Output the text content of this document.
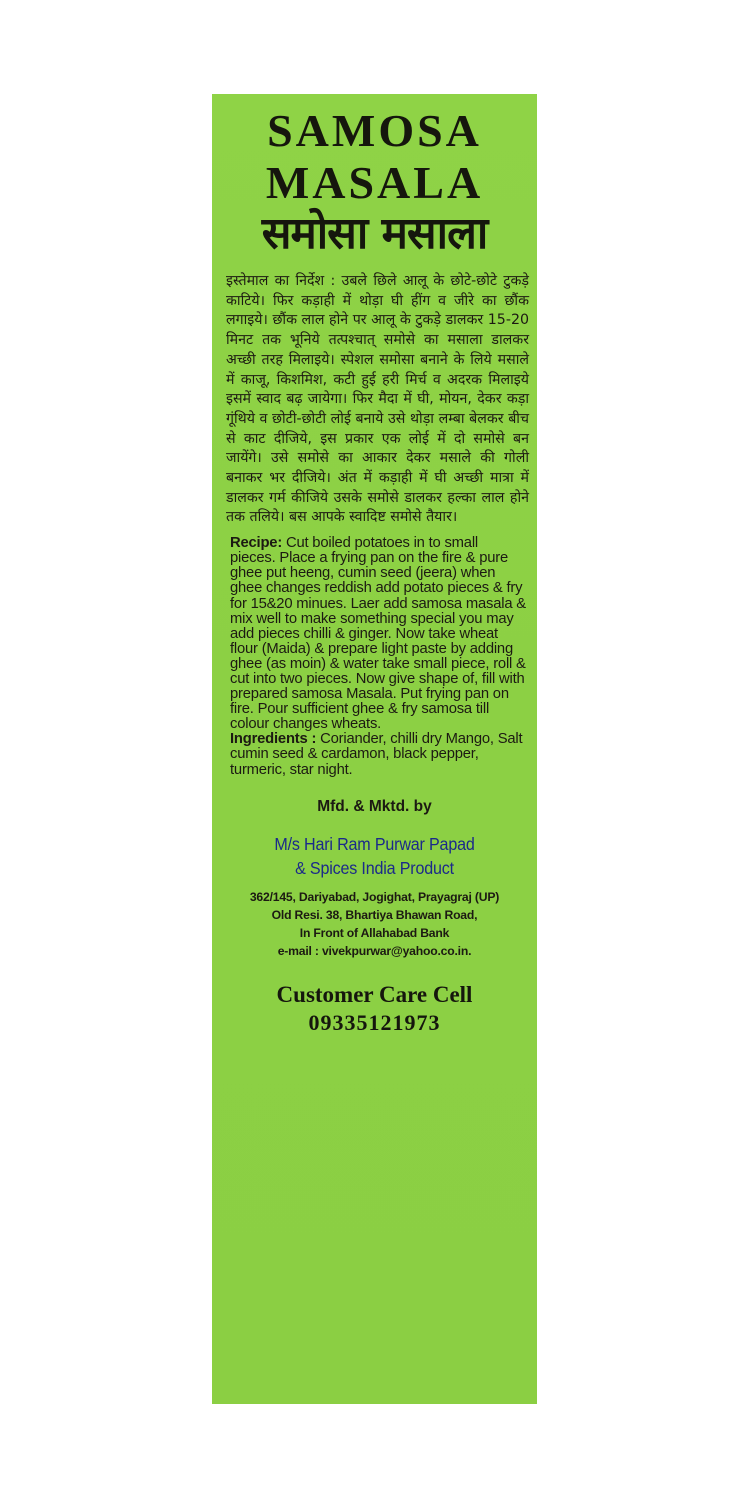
SAMOSA
MASALA
समोसा मसाला

इस्तेमाल का निर्देश : उबले छिले आलू के छोटे-छोटे टुकड़े काटिये। फिर कड़ाही में थोड़ा घी हींग व जीरे का छौंक लगाइये। छौंक लाल होने पर आलू के टुकड़े डालकर 15-20 मिनट तक भूनिये तत्पश्चात् समोसे का मसाला डालकर अच्छी तरह मिलाइये। स्पेशल समोसा बनाने के लिये मसाले में काजू, किशमिश, कटी हुई हरी मिर्च व अदरक मिलाइये इसमें स्वाद बढ़ जायेगा। फिर मैदा में घी, मोयन, देकर कड़ा गूंथिये व छोटी-छोटी लोई बनाये उसे थोड़ा लम्बा बेलकर बीच से काट दीजिये, इस प्रकार एक लोई में दो समोसे बन जायेंगे। उसे समोसे का आकार देकर मसाले की गोली बनाकर भर दीजिये। अंत में कड़ाही में घी अच्छी मात्रा में डालकर गर्म कीजिये उसके समोसे डालकर हल्का लाल होने तक तलिये। बस आपके स्वादिष्ट समोसे तैयार।

Recipe: Cut boiled potatoes in to small pieces. Place a frying pan on the fire & pure ghee put heeng, cumin seed (jeera) when ghee changes reddish add potato pieces & fry for 15&20 minues. Laer add samosa masala & mix well to make something special you may add pieces chilli & ginger. Now take wheat flour (Maida) & prepare light paste by adding ghee (as moin) & water take small piece, roll & cut into two pieces. Now give shape of, fill with prepared samosa Masala. Put frying pan on fire. Pour sufficient ghee & fry samosa till colour changes wheats.

Ingredients : Coriander, chilli dry Mango, Salt cumin seed & cardamon, black pepper, turmeric, star night.

Mfd. & Mktd. by
M/s Hari Ram Purwar Papad
& Spices India Product
362/145, Dariyabad, Jogighat, Prayagraj (UP)
Old Resi. 38, Bhartiya Bhawan Road,
In Front of Allahabad Bank
e-mail : vivekpurwar@yahoo.co.in.
Customer Care Cell
09335121973
